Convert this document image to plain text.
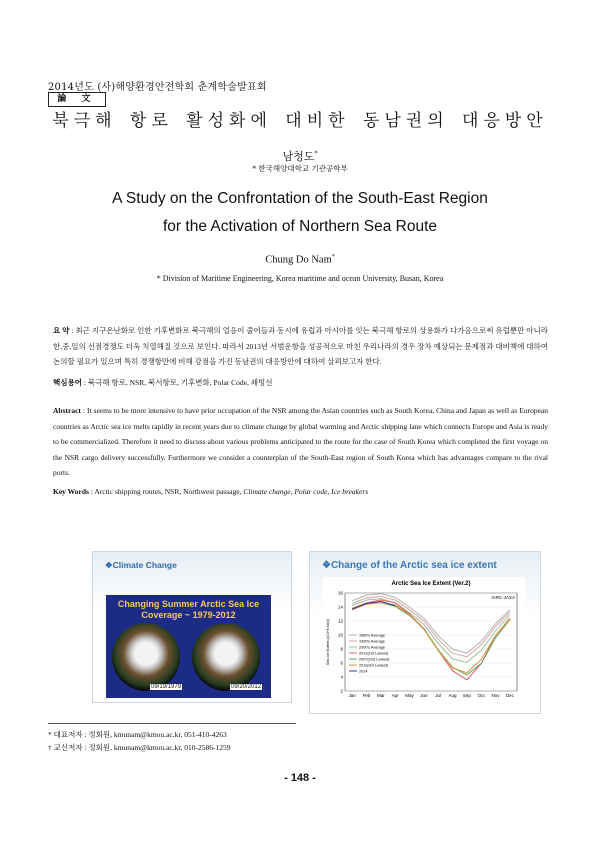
2014년도 (사)해양환경안전학회 춘계학술발표회
論 文
북극해 항로 활성화에 대비한 동남권의 대응방안
남청도*
* 한국해양대학교 기관공학부
A Study on the Confrontation of the South-East Region
for the Activation of Northern Sea Route
Chung Do Nam*
* Division of Maritime Engineering, Korea maritime and ocean University, Busan, Korea
요 약 : 최근 지구온난화로 인한 기후변화로 북극해의 얼음이 줄어들과 동시에 유럽과 아시아를 잇는 북극해 항로의 상용화가 다가옴으로써 유럽뿐만 아니라 한,중,일의 선점경쟁도 더욱 치열해질 것으로 보인다. 따라서 2013년 서범운항을 성공적으로 마친 우리나라의 경우 장차 예상되는 문제점과 대비책에 대하여 논의할 필요가 있으며 특히 경쟁항만에 비해 강점을 가진 동남권의 대응방안에 대하여 살펴보고자 한다.
핵심용어 : 북극해 항로, NSR, 북서항로, 기후변화, Polar Code, 쇄빙선
Abstract : It seems to be more intensive to have prior occupation of the NSR among the Asian countries such as South Korea, China and Japan as well as European countries as Arctic sea ice melts rapidly in recent years due to climate change by global warming and Arctic shipping lane which connects Europe and Asia is ready to be commercialized. Therefore it need to discuss about various problems anticipated to the route for the case of South Korea which completed the first voyage on the NSR cargo delivery successfully. Furthermore we consider a counterplan of the South-East region of South Korea which has advantages compare to the rival ports.
Key Words : Arctic shipping routes, NSR, Northwest passage, Climate change, Polar code, Ice breakers
❖Climate Change
Changing Summer Arctic Sea Ice
Coverage ~ 1979-2012
09/19/1979	09/20/2012
❖Change of the Arctic sea ice extent
Arctic Sea Ice Extent (Ver.2)
IARC-JAXA
2
4
6
8
10
12
14
16
Jan Feb Mar Apr May Jun Jul Aug Sep Oct Nov Dec
Sea Ice Extent (x10^6 km2)	1980's Average
1990's Average
2000's Average
2012(1st Lowest)
2007(2nd Lowest)
2011(3rd Lowest)
2014
* 대표저자 : 정회원, kmunam@kmou.ac.kr, 051-410-4263
† 교신저자 : 정회원, kmunam@kmou.ac.kr, 010-2586-1259
- 148 -
